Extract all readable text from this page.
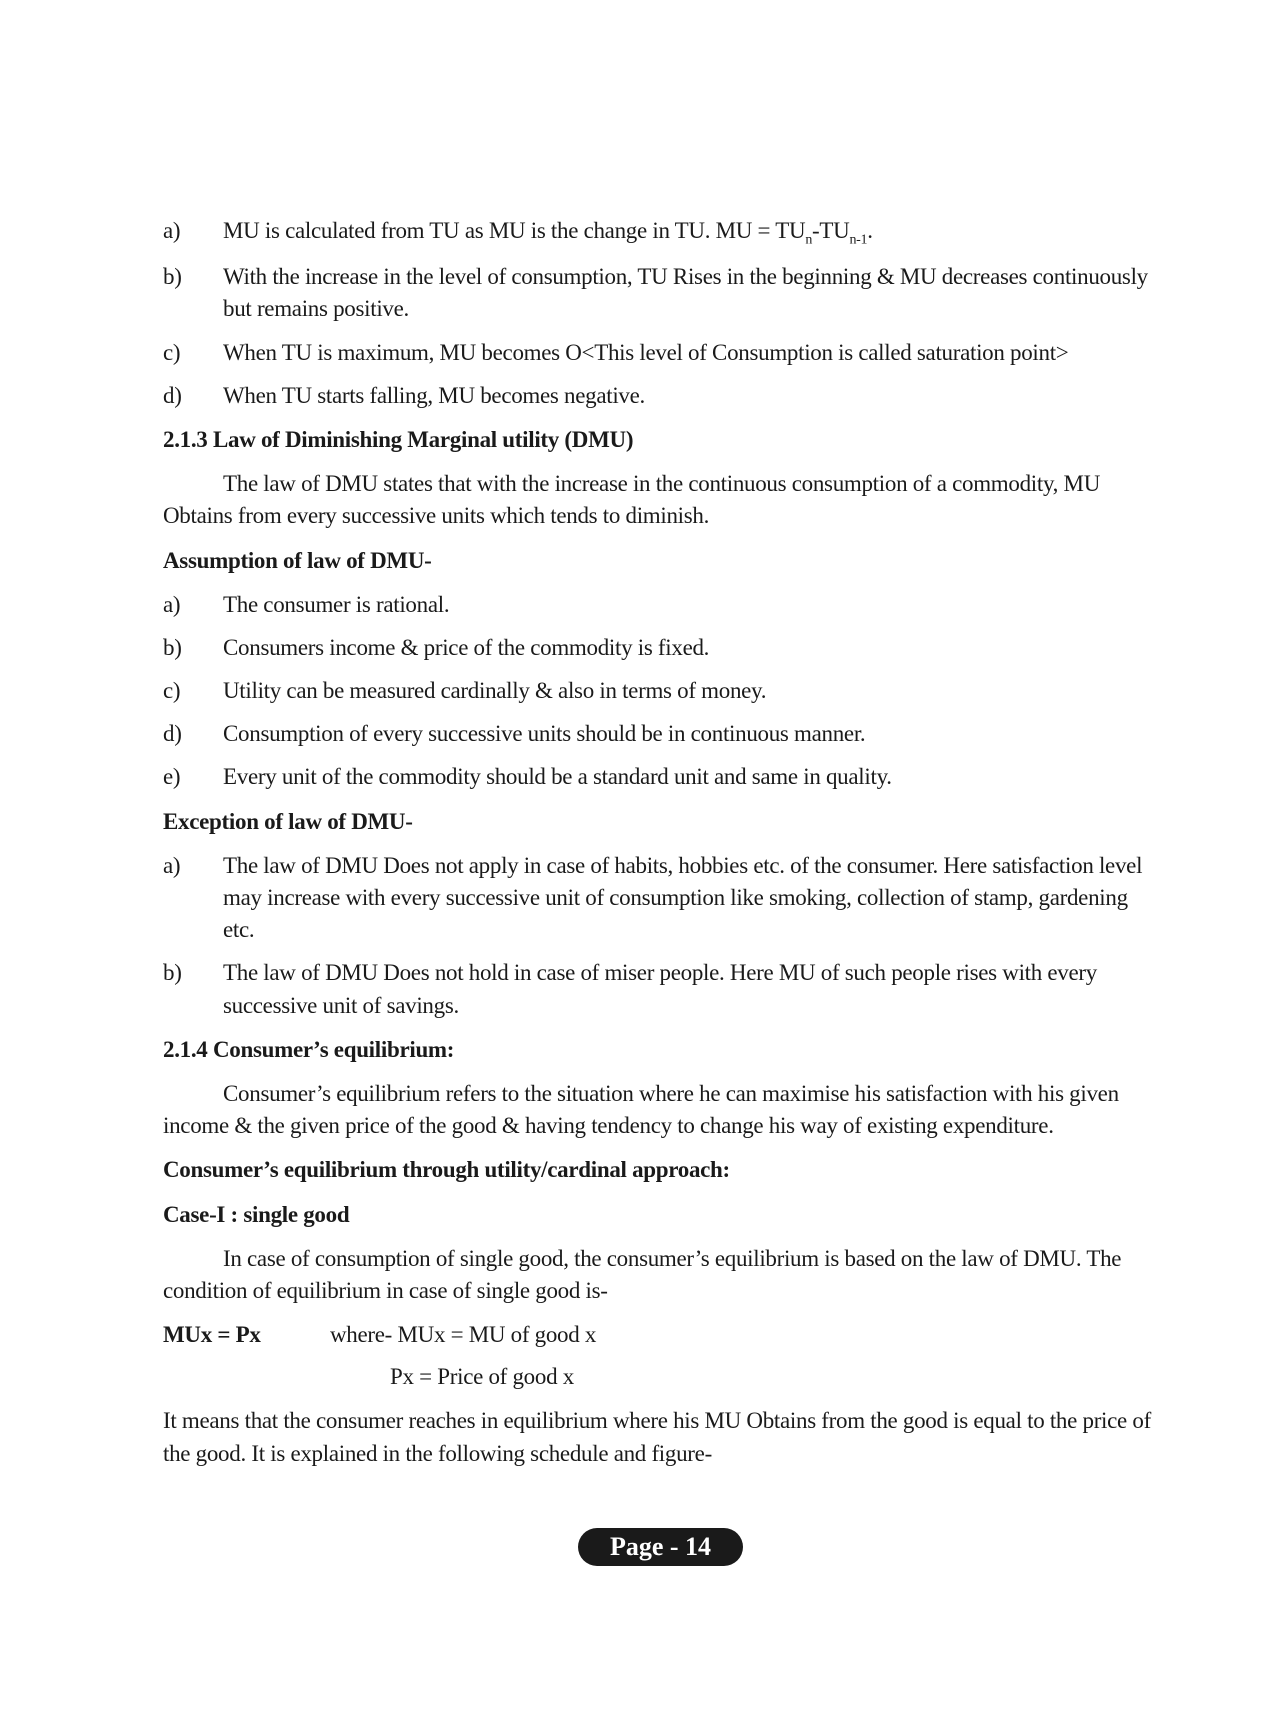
a) MU is calculated from TU as MU is the change in TU. MU = $TU_n-TU_{n-1}$.
b) With the increase in the level of consumption, TU Rises in the beginning & MU decreases continuously but remains positive.
c) When TU is maximum, MU becomes O<This level of Consumption is called saturation point>
d) When TU starts falling, MU becomes negative.
2.1.3 Law of Diminishing Marginal utility (DMU)

The law of DMU states that with the increase in the continuous consumption of a commodity, MU Obtains from every successive units which tends to diminish.

Assumption of law of DMU-
a) The consumer is rational.
b) Consumers income & price of the commodity is fixed.
c) Utility can be measured cardinally & also in terms of money.
d) Consumption of every successive units should be in continuous manner.
e) Every unit of the commodity should be a standard unit and same in quality.
Exception of law of DMU-
a) The law of DMU Does not apply in case of habits, hobbies etc. of the consumer. Here satisfaction level may increase with every successive unit of consumption like smoking, collection of stamp, gardening etc.
b) The law of DMU Does not hold in case of miser people. Here MU of such people rises with every successive unit of savings.
2.1.4 Consumer’s equilibrium:

Consumer’s equilibrium refers to the situation where he can maximise his satisfaction with his given income & the given price of the good & having tendency to change his way of existing expenditure.

Consumer’s equilibrium through utility/cardinal approach:
Case-I : single good

In case of consumption of single good, the consumer’s equilibrium is based on the law of DMU. The condition of equilibrium in case of single good is-

MUx = Px	where- MUx = MU of good x
Px = Price of good x

It means that the consumer reaches in equilibrium where his MU Obtains from the good is equal to the price of the good. It is explained in the following schedule and figure-

Page - 14
